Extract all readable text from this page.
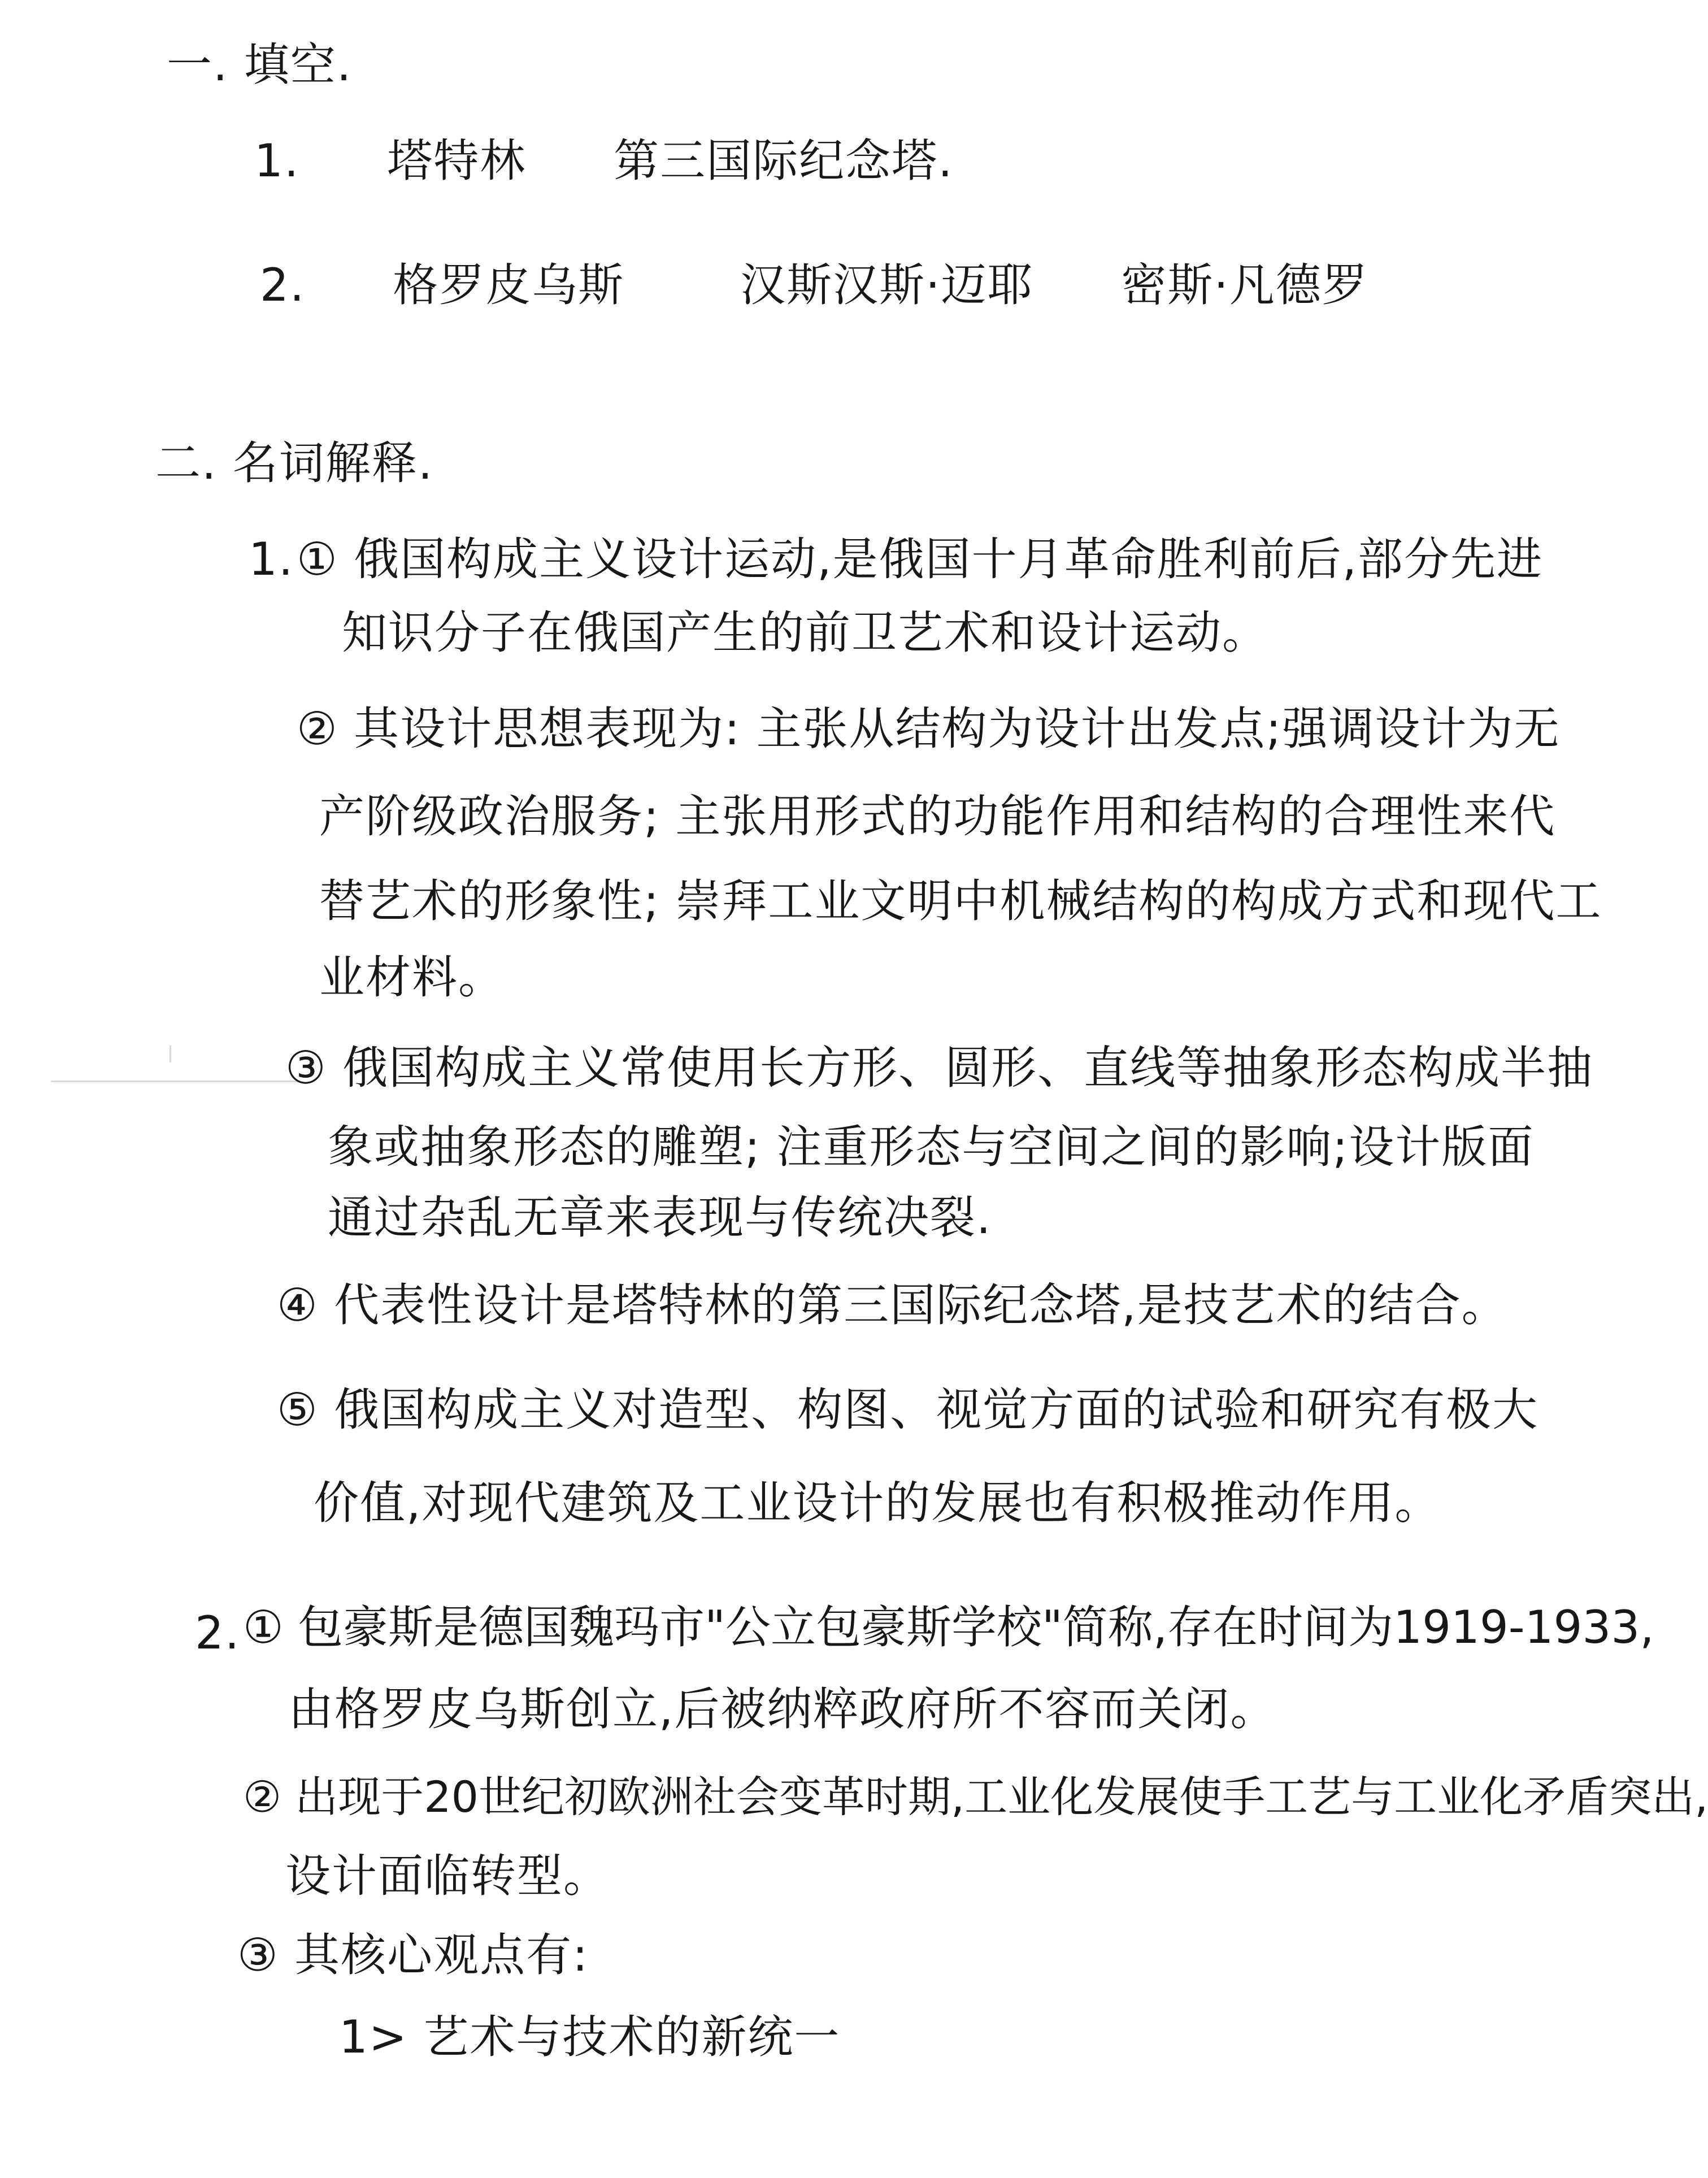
一. 填空.
1. 塔特林 第三国际纪念塔.
2. 格罗皮乌斯	汉斯汉斯·迈耶 密斯·凡德罗
二. 名词解释.
1. ① 俄国构成主义设计运动,是俄国十月革命胜利前后,部分先进
知识分子在俄国产生的前卫艺术和设计运动。
② 其设计思想表现为: 主张从结构为设计出发点;强调设计为无
产阶级政治服务; 主张用形式的功能作用和结构的合理性来代
替艺术的形象性; 崇拜工业文明中机械结构的构成方式和现代工
业材料。
③ 俄国构成主义常使用长方形、圆形、直线等抽象形态构成半抽
象或抽象形态的雕塑; 注重形态与空间之间的影响;设计版面
通过杂乱无章来表现与传统决裂.
④ 代表性设计是塔特林的第三国际纪念塔,是技艺术的结合。
⑤ 俄国构成主义对造型、构图、视觉方面的试验和研究有极大
价值,对现代建筑及工业设计的发展也有积极推动作用。
2. ① 包豪斯是德国魏玛市"公立包豪斯学校"简称,存在时间为1919-1933,
由格罗皮乌斯创立,后被纳粹政府所不容而关闭。
② 出现于20世纪初欧洲社会变革时期,工业化发展使手工艺与工业化矛盾突出,
设计面临转型。
③ 其核心观点有:
1> 艺术与技术的新统一
